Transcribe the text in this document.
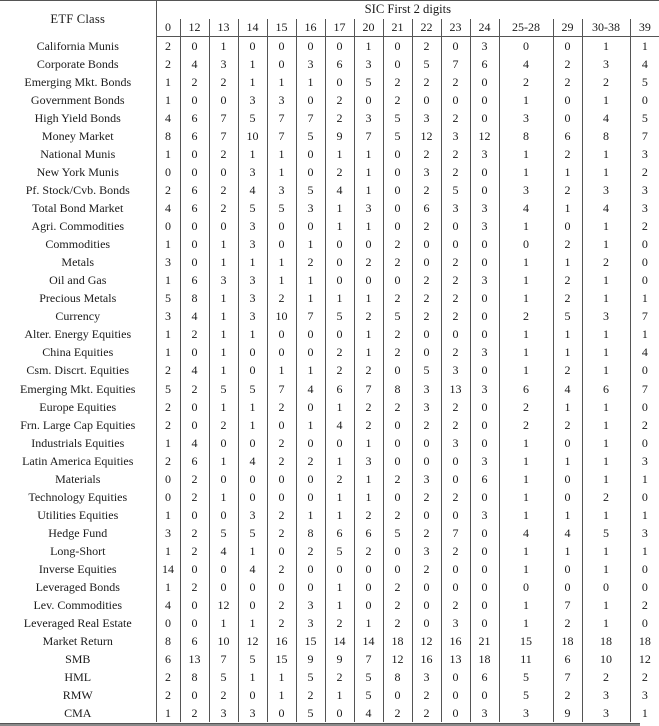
ETF Class	SIC First 2 digits															
	0	12	13	14	15	16	17	20	21	22	23	24	25-28	29	30-38	39
California Munis	2	0	1	0	0	0	0	1	0	2	0	3	0	0	1	1
Corporate Bonds	2	4	3	1	0	3	6	3	0	5	7	6	4	2	3	4
Emerging Mkt. Bonds	1	2	2	1	1	1	0	5	2	2	2	0	2	2	2	5
Government Bonds	1	0	0	3	3	0	2	0	2	0	0	0	1	0	1	0
High Yield Bonds	4	6	7	5	7	7	2	3	5	3	2	0	3	0	4	5
Money Market	8	6	7	10	7	5	9	7	5	12	3	12	8	6	8	7
National Munis	1	0	2	1	1	0	1	1	0	2	2	3	1	2	1	3
New York Munis	0	0	0	3	1	0	2	1	0	3	2	0	1	1	1	2
Pf. Stock/Cvb. Bonds	2	6	2	4	3	5	4	1	0	2	5	0	3	2	3	3
Total Bond Market	4	6	2	5	5	3	1	3	0	6	3	3	4	1	4	3
Agri. Commodities	0	0	0	3	0	0	1	1	0	2	0	3	1	0	1	2
Commodities	1	0	1	3	0	1	0	0	2	0	0	0	0	2	1	0
Metals	3	0	1	1	1	2	0	2	2	0	2	0	1	1	2	0
Oil and Gas	1	6	3	3	1	1	0	0	0	2	2	3	1	2	1	0
Precious Metals	5	8	1	3	2	1	1	1	2	2	2	0	1	2	1	1
Currency	3	4	1	3	10	7	5	2	5	2	2	0	2	5	3	7
Alter. Energy Equities	1	2	1	1	0	0	0	1	2	0	0	0	1	1	1	1
China Equities	1	0	1	0	0	0	2	1	2	0	2	3	1	1	1	4
Csm. Discrt. Equities	2	4	1	0	1	1	2	2	0	5	3	0	1	2	1	0
Emerging Mkt. Equities	5	2	5	5	7	4	6	7	8	3	13	3	6	4	6	7
Europe Equities	2	0	1	1	2	0	1	2	2	3	2	0	2	1	1	0
Frn. Large Cap Equities	2	0	2	1	0	1	4	2	0	2	2	0	2	2	1	2
Industrials Equities	1	4	0	0	2	0	0	1	0	0	3	0	1	0	1	0
Latin America Equities	2	6	1	4	2	2	1	3	0	0	0	3	1	1	1	3
Materials	0	2	0	0	0	0	2	1	2	3	0	6	1	0	1	1
Technology Equities	0	2	1	0	0	0	1	1	0	2	2	0	1	0	2	0
Utilities Equities	1	0	0	3	2	1	1	2	2	0	0	3	1	1	1	1
Hedge Fund	3	2	5	5	2	8	6	6	5	2	7	0	4	4	5	3
Long-Short	1	2	4	1	0	2	5	2	0	3	2	0	1	1	1	1
Inverse Equities	14	0	0	4	2	0	0	0	0	2	0	0	1	0	1	0
Leveraged Bonds	1	2	0	0	0	0	1	0	2	0	0	0	0	0	0	0
Lev. Commodities	4	0	12	0	2	3	1	0	2	0	2	0	1	7	1	2
Leveraged Real Estate	0	0	1	1	2	3	2	1	2	0	3	0	1	2	1	0
Market Return	8	6	10	12	16	15	14	14	18	12	16	21	15	18	18	18
SMB	6	13	7	5	15	9	9	7	12	16	13	18	11	6	10	12
HML	2	8	5	1	1	5	2	5	8	3	0	6	5	7	2	2
RMW	2	0	2	0	1	2	1	5	0	2	0	0	5	2	3	3
CMA	1	2	3	3	0	5	0	4	2	2	0	3	3	9	3	1
